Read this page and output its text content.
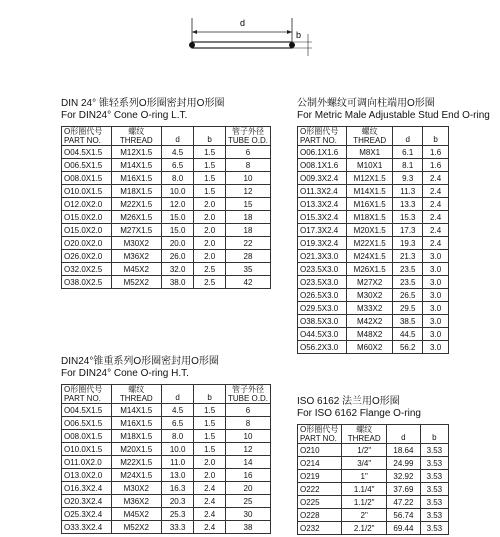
d
b
DIN 24° 锥轻系列O形圈密封用O形圈
For DIN24° Cone O-ring L.T.
O形圈代号
PART NO.	螺纹
THREAD	d	b	管子外径
TUBE O.D.

O04.5X1.5	M12X1.5	4.5	1.5	6
O06.5X1.5	M14X1.5	6.5	1.5	8
O08.0X1.5	M16X1.5	8.0	1.5	10
O10.0X1.5	M18X1.5	10.0	1.5	12
O12.0X2.0	M22X1.5	12.0	2.0	15
O15.0X2.0	M26X1.5	15.0	2.0	18
O15.0X2.0	M27X1.5	15.0	2.0	18
O20.0X2.0	M30X2	20.0	2.0	22
O26.0X2.0	M36X2	26.0	2.0	28
O32.0X2.5	M45X2	32.0	2.5	35
O38.0X2.5	M52X2	38.0	2.5	42
公制外螺纹可调向柱端用O形圈
For Metric Male Adjustable Stud End O-ring
O形圈代号
PART NO.	螺纹
THREAD	d	b
O06.1X1.6	M8X1	6.1	1.6
O08.1X1.6	M10X1	8.1	1.6
O09.3X2.4	M12X1.5	9.3	2.4
O11.3X2.4	M14X1.5	11.3	2.4
O13.3X2.4	M16X1.5	13.3	2.4
O15.3X2.4	M18X1.5	15.3	2.4
O17.3X2.4	M20X1.5	17.3	2.4
O19.3X2.4	M22X1.5	19.3	2.4
O21.3X3.0	M24X1.5	21.3	3.0
O23.5X3.0	M26X1.5	23.5	3.0
O23.5X3.0	M27X2	23.5	3.0
O26.5X3.0	M30X2	26.5	3.0
O29.5X3.0	M33X2	29.5	3.0
O38.5X3.0	M42X2	38.5	3.0
O44.5X3.0	M48X2	44.5	3.0
O56.2X3.0	M60X2	56.2	3.0
DIN24°锥重系列O形圈密封用O形圈
For DIN24° Cone O-ring H.T.
O形圈代号
PART NO.	螺纹
THREAD	d	b	管子外径
TUBE O.D.

O04.5X1.5	M14X1.5	4.5	1.5	6
O06.5X1.5	M16X1.5	6.5	1.5	8
O08.0X1.5	M18X1.5	8.0	1.5	10
O10.0X1.5	M20X1.5	10.0	1.5	12
O11.0X2.0	M22X1.5	11.0	2.0	14
O13.0X2.0	M24X1.5	13.0	2.0	16
O16.3X2.4	M30X2	16.3	2.4	20
O20.3X2.4	M36X2	20.3	2.4	25
O25.3X2.4	M45X2	25.3	2.4	30
O33.3X2.4	M52X2	33.3	2.4	38
ISO 6162 法兰用O形圈
For ISO 6162 Flange O-ring
O形圈代号
PART NO.	螺纹
THREAD	d	b
O210	1/2"	18.64	3.53
O214	3/4"	24.99	3.53
O219	1"	32.92	3.53
O222	1.1/4"	37.69	3.53
O225	1.1/2"	47.22	3.53
O228	2"	56.74	3.53
O232	2.1/2"	69.44	3.53
